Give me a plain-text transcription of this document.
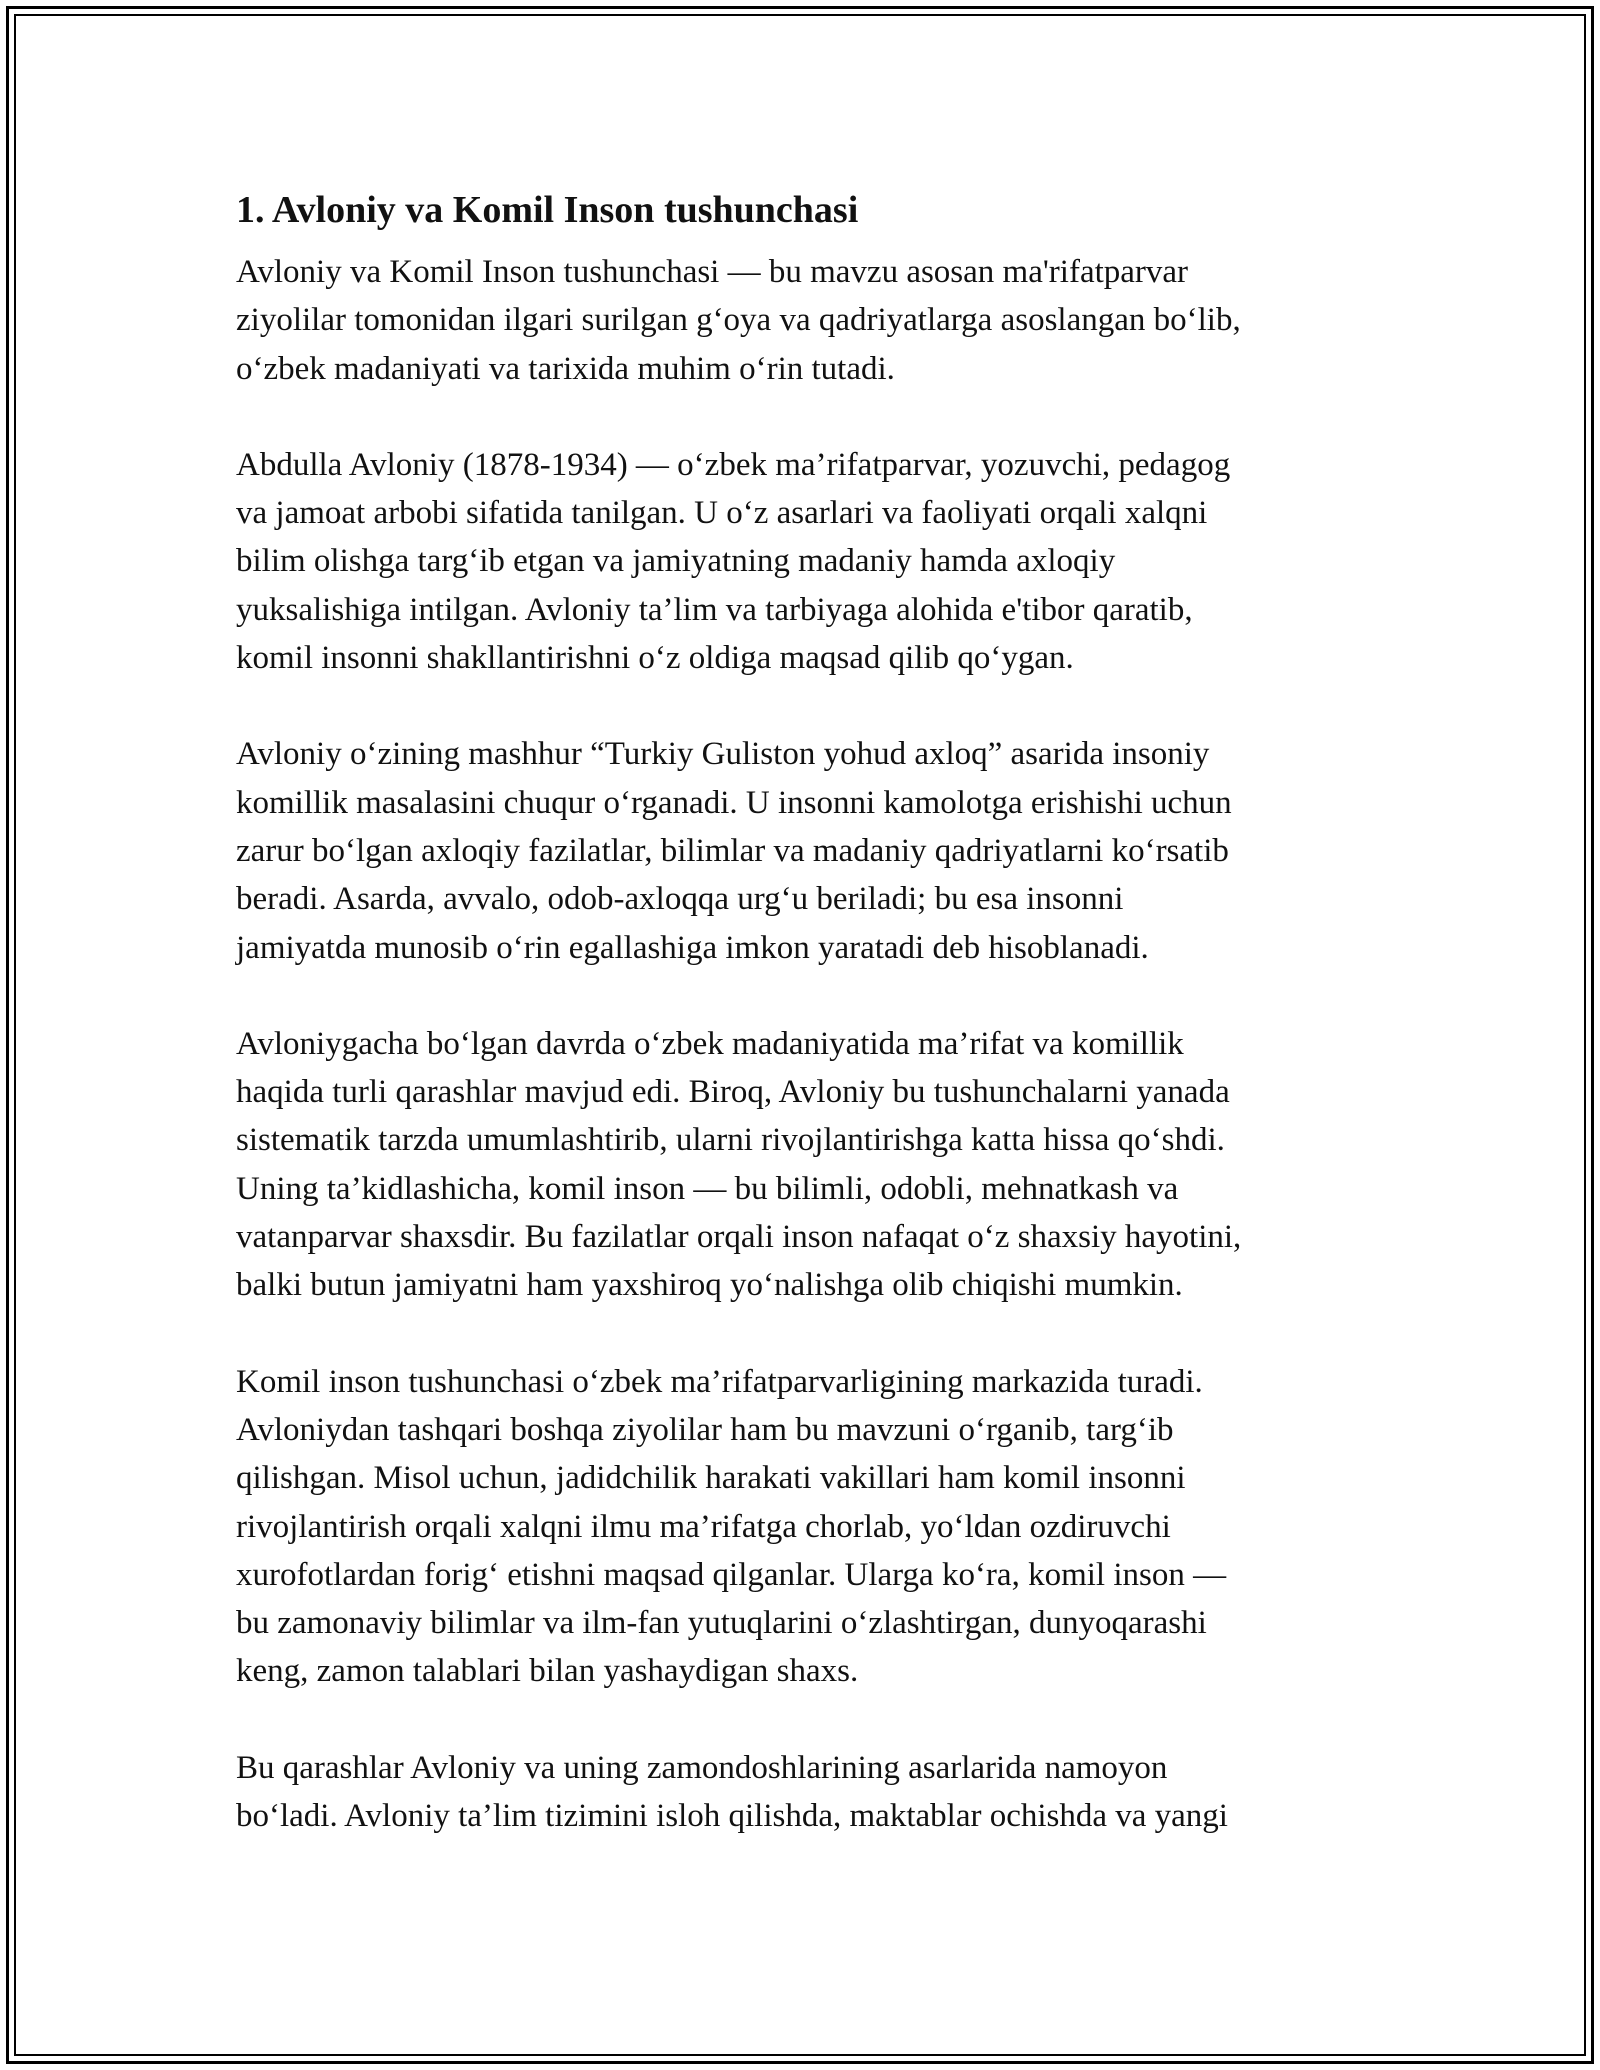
1. Avloniy va Komil Inson tushunchasi

Avloniy va Komil Inson tushunchasi — bu mavzu asosan ma'rifatparvar
ziyolilar tomonidan ilgari surilgan g‘oya va qadriyatlarga asoslangan bo‘lib,
o‘zbek madaniyati va tarixida muhim o‘rin tutadi.

Abdulla Avloniy (1878-1934) — o‘zbek ma’rifatparvar, yozuvchi, pedagog
va jamoat arbobi sifatida tanilgan. U o‘z asarlari va faoliyati orqali xalqni
bilim olishga targ‘ib etgan va jamiyatning madaniy hamda axloqiy
yuksalishiga intilgan. Avloniy ta’lim va tarbiyaga alohida e'tibor qaratib,
komil insonni shakllantirishni o‘z oldiga maqsad qilib qo‘ygan.

Avloniy o‘zining mashhur “Turkiy Guliston yohud axloq” asarida insoniy
komillik masalasini chuqur o‘rganadi. U insonni kamolotga erishishi uchun
zarur bo‘lgan axloqiy fazilatlar, bilimlar va madaniy qadriyatlarni ko‘rsatib
beradi. Asarda, avvalo, odob-axloqqa urg‘u beriladi; bu esa insonni
jamiyatda munosib o‘rin egallashiga imkon yaratadi deb hisoblanadi.

Avloniygacha bo‘lgan davrda o‘zbek madaniyatida ma’rifat va komillik
haqida turli qarashlar mavjud edi. Biroq, Avloniy bu tushunchalarni yanada
sistematik tarzda umumlashtirib, ularni rivojlantirishga katta hissa qo‘shdi.
Uning ta’kidlashicha, komil inson — bu bilimli, odobli, mehnatkash va
vatanparvar shaxsdir. Bu fazilatlar orqali inson nafaqat o‘z shaxsiy hayotini,
balki butun jamiyatni ham yaxshiroq yo‘nalishga olib chiqishi mumkin.

Komil inson tushunchasi o‘zbek ma’rifatparvarligining markazida turadi.
Avloniydan tashqari boshqa ziyolilar ham bu mavzuni o‘rganib, targ‘ib
qilishgan. Misol uchun, jadidchilik harakati vakillari ham komil insonni
rivojlantirish orqali xalqni ilmu ma’rifatga chorlab, yo‘ldan ozdiruvchi
xurofotlardan forig‘ etishni maqsad qilganlar. Ularga ko‘ra, komil inson —
bu zamonaviy bilimlar va ilm-fan yutuqlarini o‘zlashtirgan, dunyoqarashi
keng, zamon talablari bilan yashaydigan shaxs.

Bu qarashlar Avloniy va uning zamondoshlarining asarlarida namoyon
bo‘ladi. Avloniy ta’lim tizimini isloh qilishda, maktablar ochishda va yangi
